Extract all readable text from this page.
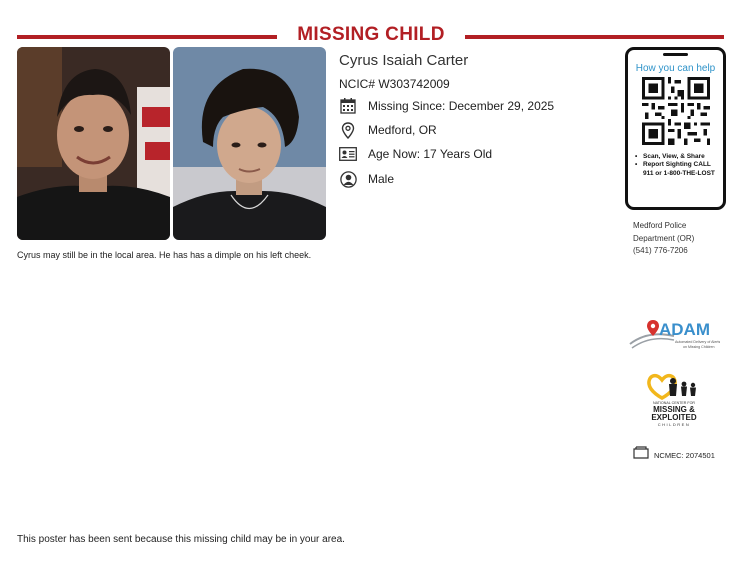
MISSING CHILD
Cyrus Isaiah Carter
NCIC# W303742009
Missing Since: December 29, 2025
Medford, OR
Age Now: 17 Years Old
Male
Cyrus may still be in the local area. He has has a dimple on his left cheek.
How you can help
• Scan, View, & Share
• Report Sighting CALL 911 or 1-800-THE-LOST
Medford Police
Department (OR)
(541) 776-7206
ADAM
Automated Delivery of Alerts
on Missing Children
NATIONAL CENTER FOR
MISSING &
EXPLOITED
CHILDREN
NCMEC: 2074501
This poster has been sent because this missing child may be in your area.
